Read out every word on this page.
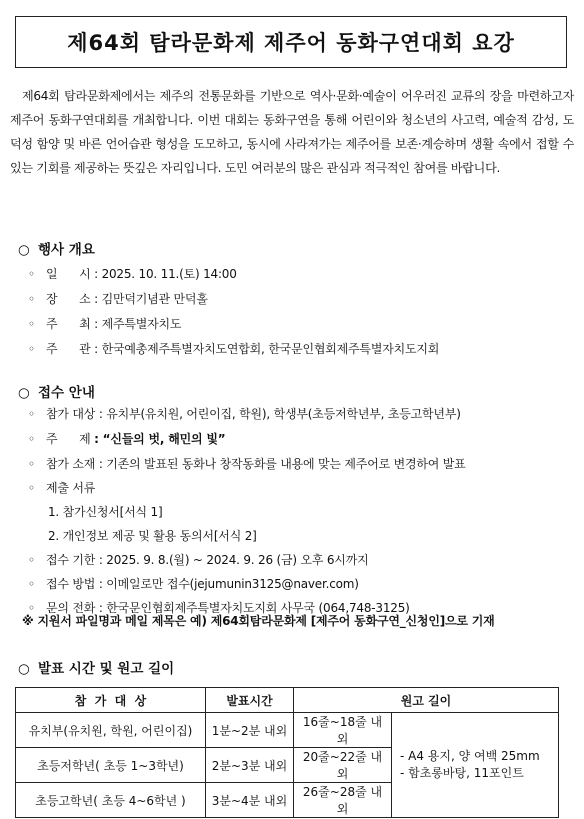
제64회 탐라문화제 제주어 동화구연대회 요강
제64회 탐라문화제에서는 제주의 전통문화를 기반으로 역사·문화·예술이 어우러진 교류의 장을 마련하고자 제주어 동화구연대회를 개최합니다. 이번 대회는 동화구연을 통해 어린이와 청소년의 사고력, 예술적 감성, 도덕성 함양 및 바른 언어습관 형성을 도모하고, 동시에 사라져가는 제주어를 보존·계승하며 생활 속에서 접할 수 있는 기회를 제공하는 뜻깊은 자리입니다. 도민 여러분의 많은 관심과 적극적인 참여를 바랍니다.
○ 행사 개요
◦ 일      시 : 2025. 10. 11.(토) 14:00
◦ 장      소 : 김만덕기념관 만덕홀
◦ 주      최 : 제주특별자치도
◦ 주      관 : 한국예총제주특별자치도연합회, 한국문인협회제주특별자치도지회
○ 접수 안내
◦ 참가 대상 : 유치부(유치원, 어린이집, 학원), 학생부(초등저학년부, 초등고학년부)
◦ 주      제 : “신들의 벗, 해민의 빛”
◦ 참가 소재 : 기존의 발표된 동화나 창작동화를 내용에 맞는 제주어로 변경하여 발표
◦ 제출 서류
1. 참가신청서[서식 1]
2. 개인정보 제공 및 활용 동의서[서식 2]
◦ 접수 기한 : 2025. 9. 8.(월) ~ 2024. 9. 26 (금) 오후 6시까지
◦ 접수 방법 : 이메일로만 접수(jejumunin3125@naver.com)
◦ 문의 전화 : 한국문인협회제주특별자치도지회 사무국 (064,748-3125)
※ 지원서 파일명과 메일 제목은 예) 제64회탐라문화제 [제주어 동화구연_신청인]으로 기재
○ 발표 시간 및 원고 길이
참  가  대  상	발표시간	원고 길이	
유치부(유치원, 학원, 어린이집)	1분~2분 내외	16줄~18줄 내외	- A4 용지, 양 여백 25mm
- 함초롱바탕, 11포인트

초등저학년( 초등 1~3학년)	2분~3분 내외	20줄~22줄 내외	
초등고학년( 초등 4~6학년 )	3분~4분 내외	26줄~28줄 내외	
